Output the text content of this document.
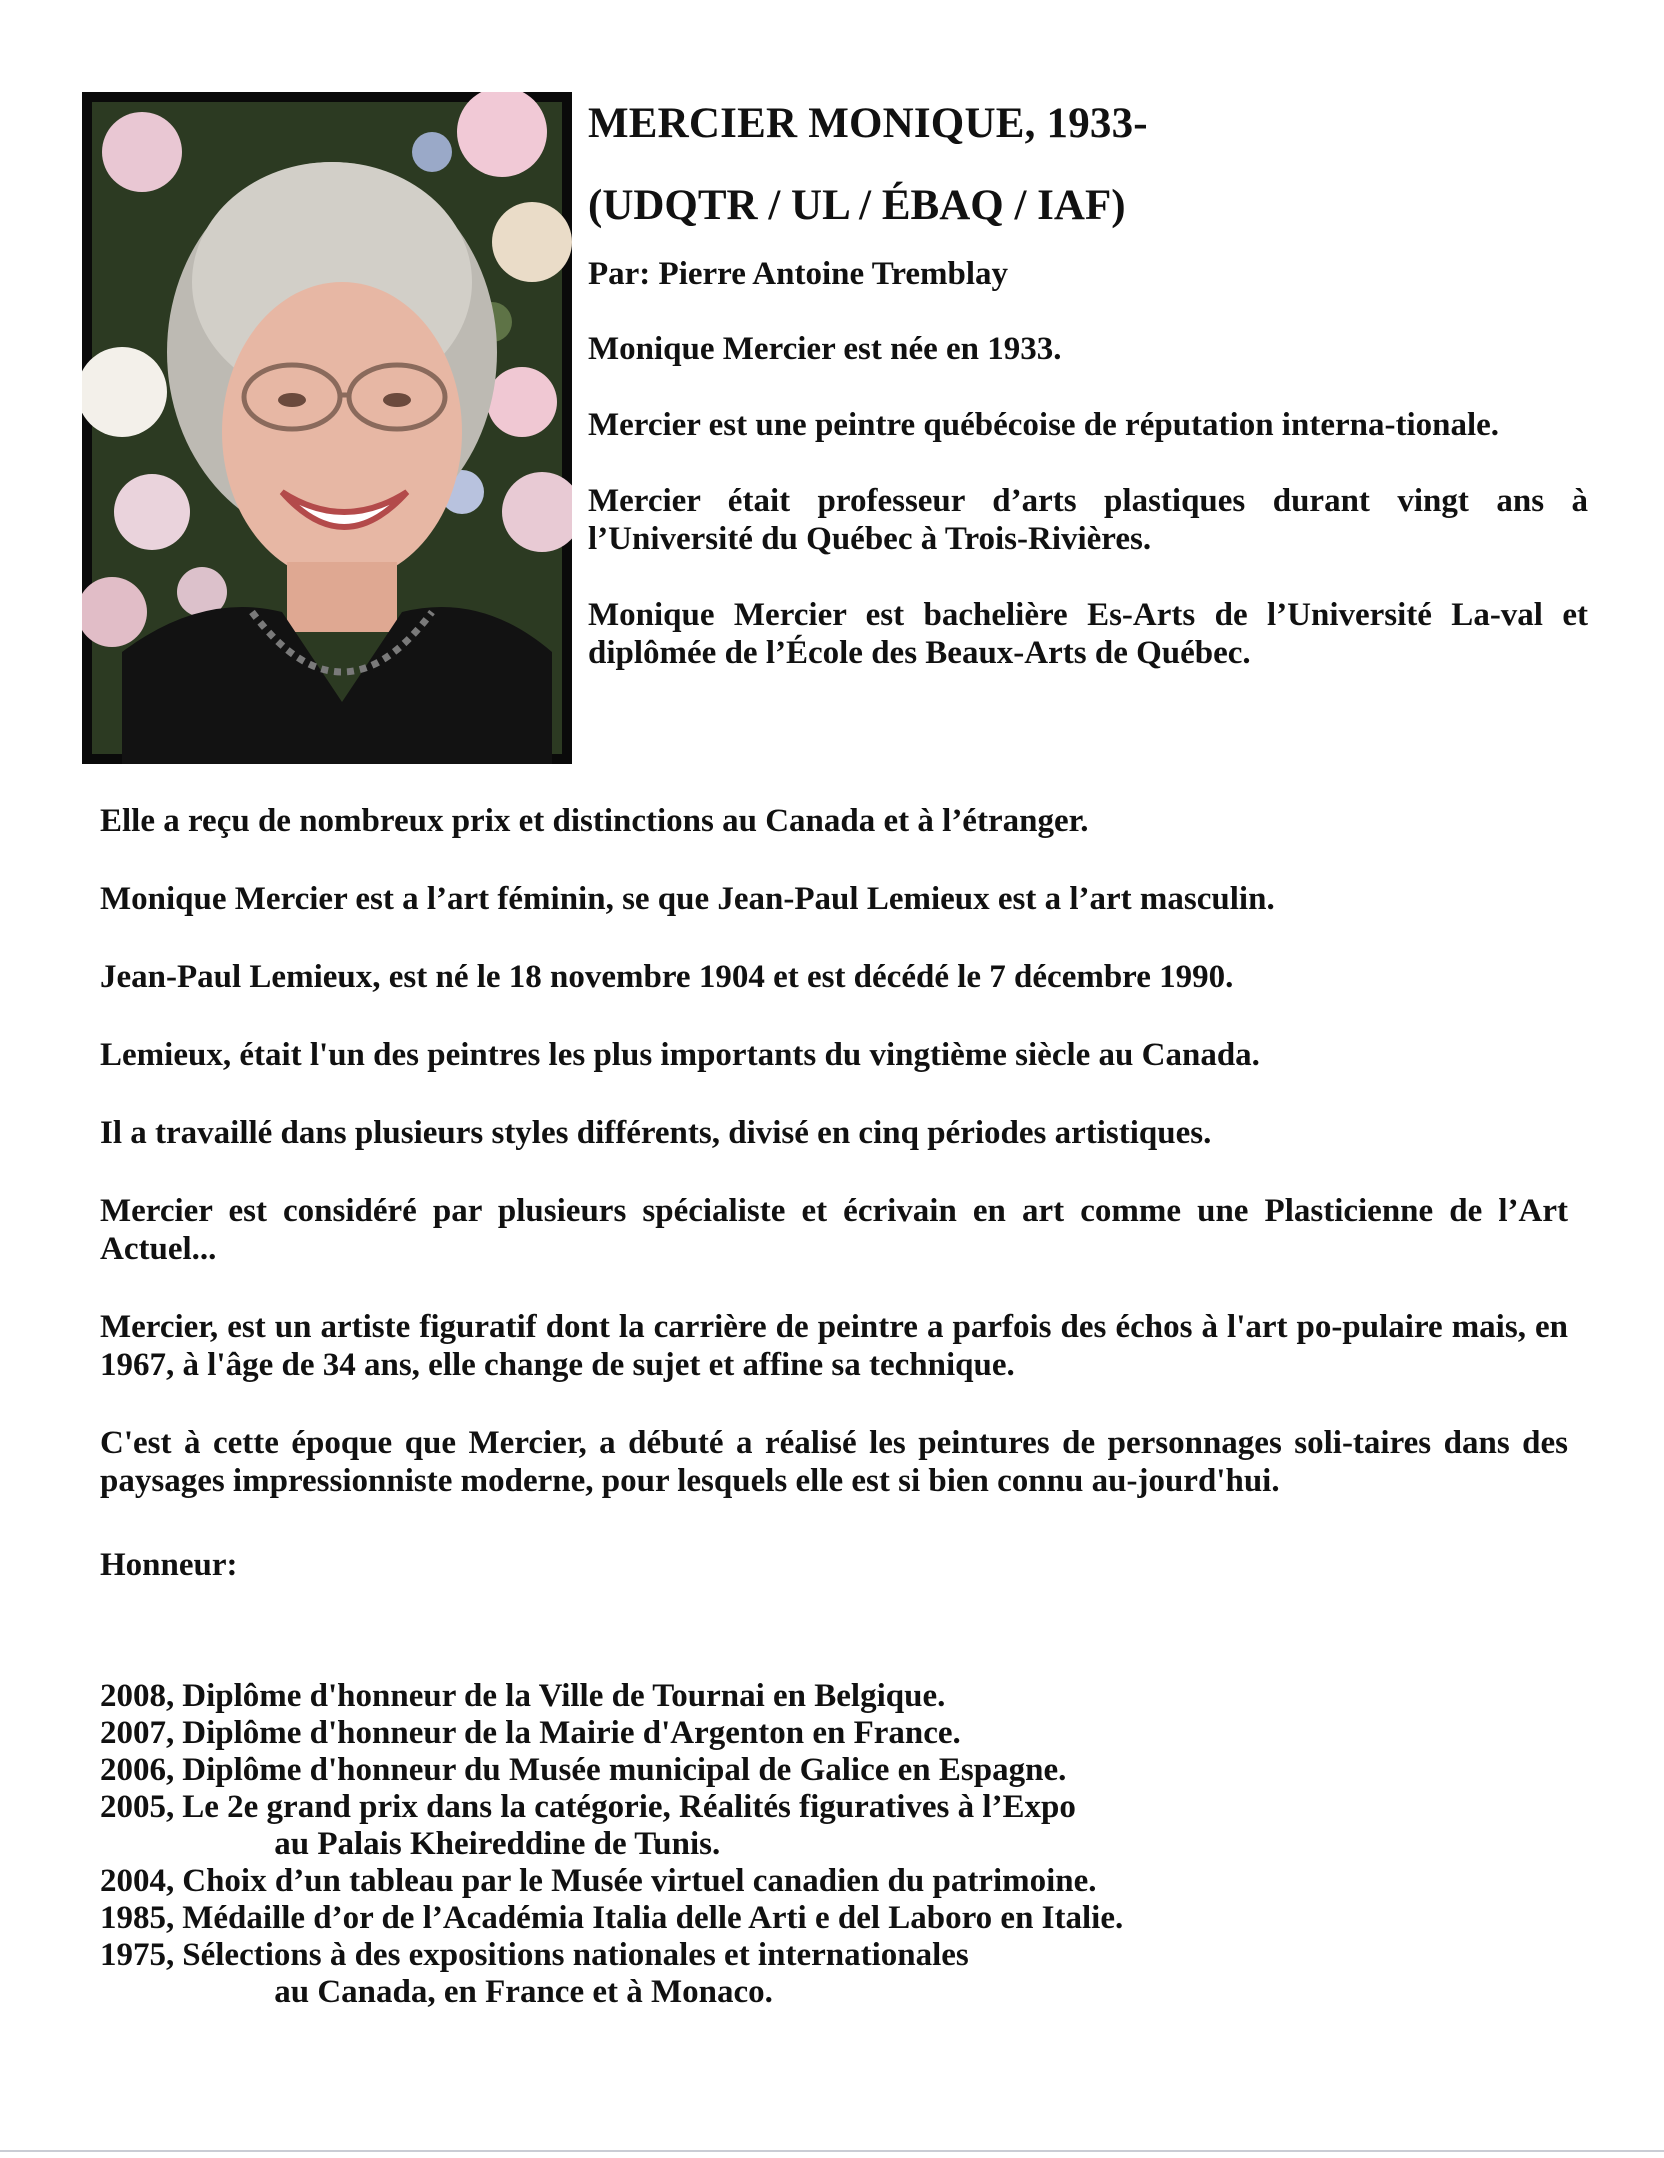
MERCIER MONIQUE, 1933-
(UDQTR / UL / ÉBAQ / IAF)

Par: Pierre Antoine Tremblay

Monique Mercier est née en 1933.

Mercier est une peintre québécoise de réputation interna-tionale.

Mercier était professeur d’arts plastiques durant vingt ans à l’Université du Québec à Trois-Rivières.

Monique Mercier est bachelière Es-Arts de l’Université La-val et diplômée de l’École des Beaux-Arts de Québec.

Elle a reçu de nombreux prix et distinctions au Canada et à l’étranger.

Monique Mercier est a l’art féminin, se que Jean-Paul Lemieux est a l’art masculin.

Jean-Paul Lemieux, est né le 18 novembre 1904 et est décédé le 7 décembre 1990.

Lemieux, était l'un des peintres les plus importants du vingtième siècle au Canada.

Il a travaillé dans plusieurs styles différents, divisé en cinq périodes artistiques.

Mercier est considéré par plusieurs spécialiste et écrivain en art comme une Plasticienne de l’Art Actuel...

Mercier, est un artiste figuratif dont la carrière de peintre a parfois des échos à l'art po-pulaire mais, en 1967, à l'âge de 34 ans, elle change de sujet et affine sa technique.

C'est à cette époque que Mercier, a débuté a réalisé les peintures de personnages soli-taires dans des paysages impressionniste moderne, pour lesquels elle est si bien connu au-jourd'hui.

Honneur:

2008, Diplôme d'honneur de la Ville de Tournai en Belgique.
2007, Diplôme d'honneur de la Mairie d'Argenton en France.
2006, Diplôme d'honneur du Musée municipal de Galice en Espagne.
2005, Le 2e grand prix dans la catégorie, Réalités figuratives à l’Expo
au Palais Kheireddine de Tunis.
2004, Choix d’un tableau par le Musée virtuel canadien du patrimoine.
1985, Médaille d’or de l’Académia Italia delle Arti e del Laboro en Italie.
1975, Sélections à des expositions nationales et internationales
au Canada, en France et à Monaco.
